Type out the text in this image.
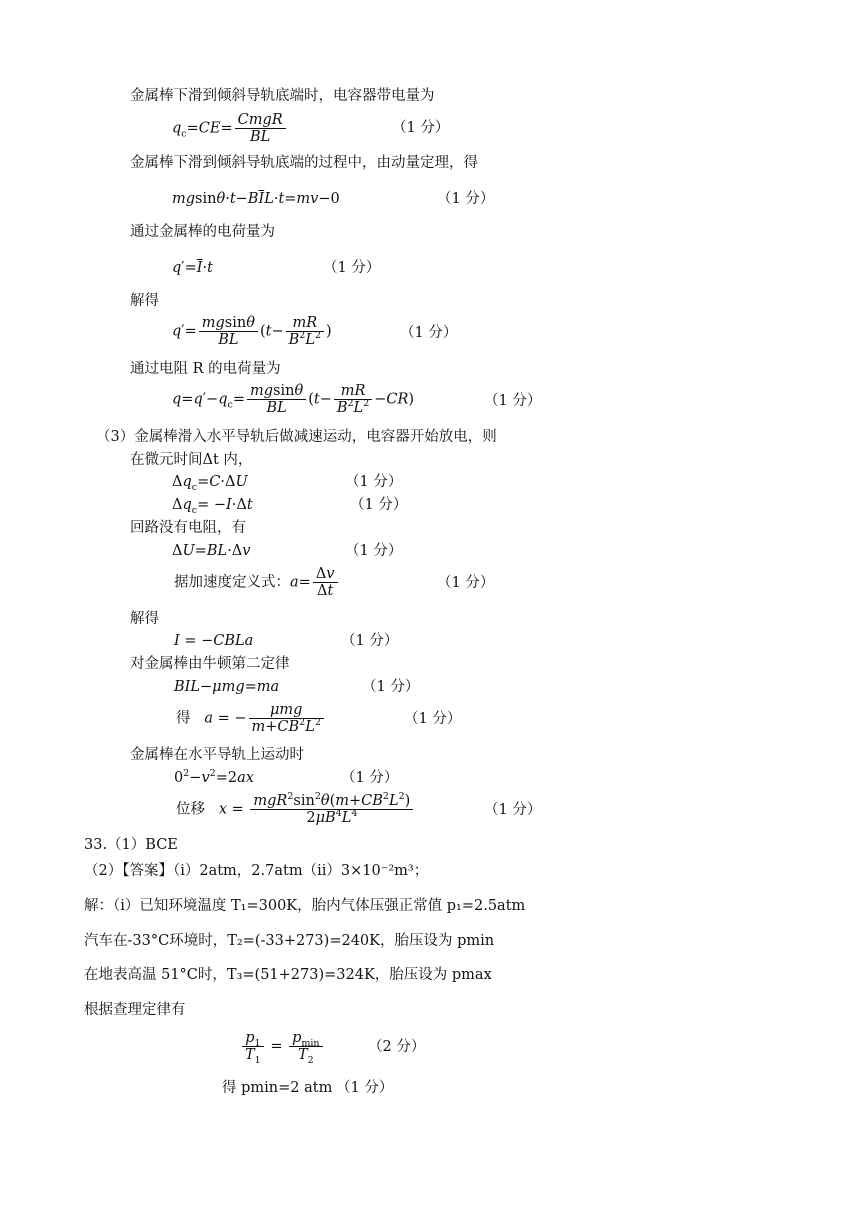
金属棒下滑到倾斜导轨底端时，电容器带电量为
$q_c=CE= \frac{\text{CmgR}}{BL}$	（1 分）
金属棒下滑到倾斜导轨底端的过程中，由动量定理，得
$mgsin\theta\cdot t-B\overline{I}L\cdot t=mv-0$	（1 分）
通过金属棒的电荷量为
$q'=\overline{I}\cdot t$	（1 分）
解得
$q'= \frac{mgsin\theta}{BL} (t- \frac{mR}{B^2L^2}$ )	（1 分）
通过电阻 R 的电荷量为
$q=q'-q_c= \frac{mgsin\theta}{BL} (t- \frac{mR}{B^2L^2} -CR)$	（1 分）
（3）金属棒滑入水平导轨后做减速运动，电容器开始放电，则
在微元时间Δt 内，
$\Delta q_c=C\cdot\Delta U$	（1 分）
$\Delta q_c= -I\cdot\Delta t$	（1 分）
回路没有电阻，有
ΔU=BL·Δv	（1 分）
据加速度定义式：$a= \frac{\Delta v}{\Delta t}$	（1 分）
解得
I = −CBLa	（1 分）
对金属棒由牛顿第二定律
BIL−μmg=ma	（1 分）
得 a = − $\frac{\text{μmg}}{m+CB^2L^2}$	（1 分）
金属棒在水平导轨上运动时
$0^2-v^2=2ax$	（1 分）
位移 $x = \frac{mgR^2\sin^2\theta(m+CB^2L^2)}{2\mu B^4L^4}$	（1 分）
33.（1）BCE
（2）【答案】（i）2atm，2.7atm（ii）3×10⁻²m³；
解：（i）已知环境温度 T₁=300K，胎内气体压强正常值 p₁=2.5atm
汽车在-33°C环境时，T₂=(-33+273)=240K，胎压设为 pmin
在地表高温 51°C时，T₃=(51+273)=324K，胎压设为 pmax
根据查理定律有
$\frac{p_1}{T_1} = \frac{p_{min}}{T_2}$	（2 分）
得 pmin=2 atm （1 分）
